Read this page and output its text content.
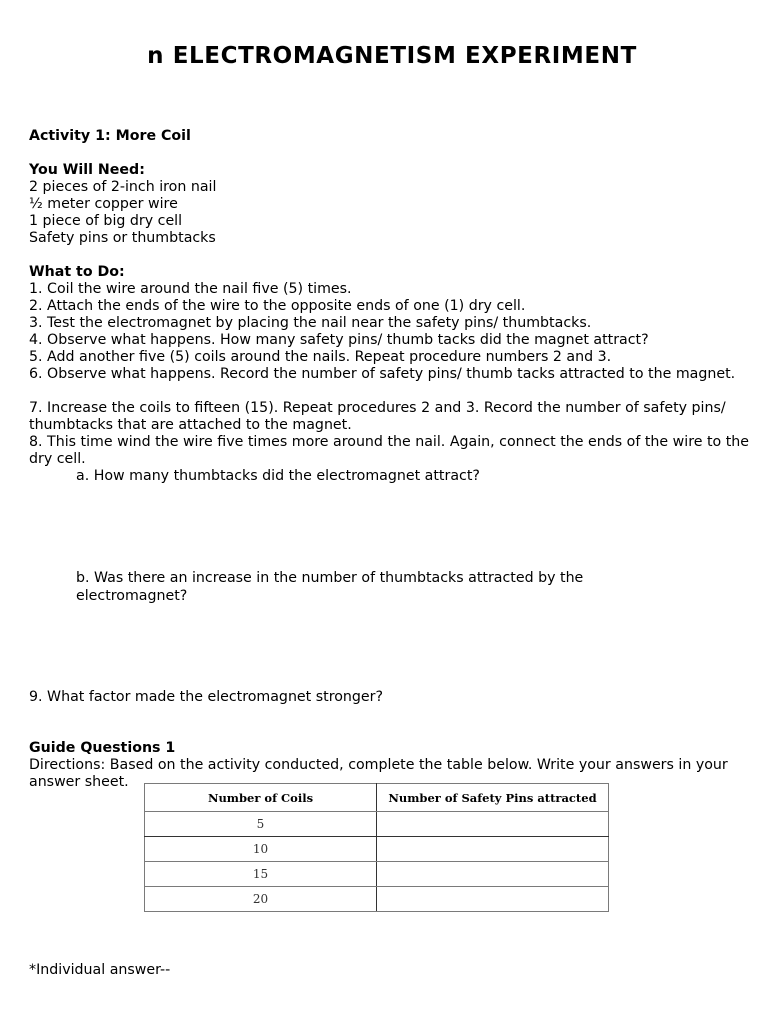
n ELECTROMAGNETISM EXPERIMENT
Activity 1: More Coil
You Will Need:
2 pieces of 2-inch iron nail
½ meter copper wire
1 piece of big dry cell
Safety pins or thumbtacks
What to Do:
1. Coil the wire around the nail five (5) times.
2. Attach the ends of the wire to the opposite ends of one (1) dry cell.
3. Test the electromagnet by placing the nail near the safety pins/ thumbtacks.
4. Observe what happens. How many safety pins/ thumb tacks did the magnet attract?
5. Add another five (5) coils around the nails. Repeat procedure numbers 2 and 3.
6. Observe what happens. Record the number of safety pins/ thumb tacks attracted to the magnet.
7. Increase the coils to fifteen (15). Repeat procedures 2 and 3. Record the number of safety pins/ thumbtacks that are attached to the magnet.
8. This time wind the wire five times more around the nail. Again, connect the ends of the wire to the dry cell.
a. How many thumbtacks did the electromagnet attract?
b. Was there an increase in the number of thumbtacks attracted by the electromagnet?
9. What factor made the electromagnet stronger?
Guide Questions 1
Directions: Based on the activity conducted, complete the table below. Write your answers in your answer sheet.
Number of Coils	Number of Safety Pins attracted
5	
10	
15	
20	
*Individual answer--
